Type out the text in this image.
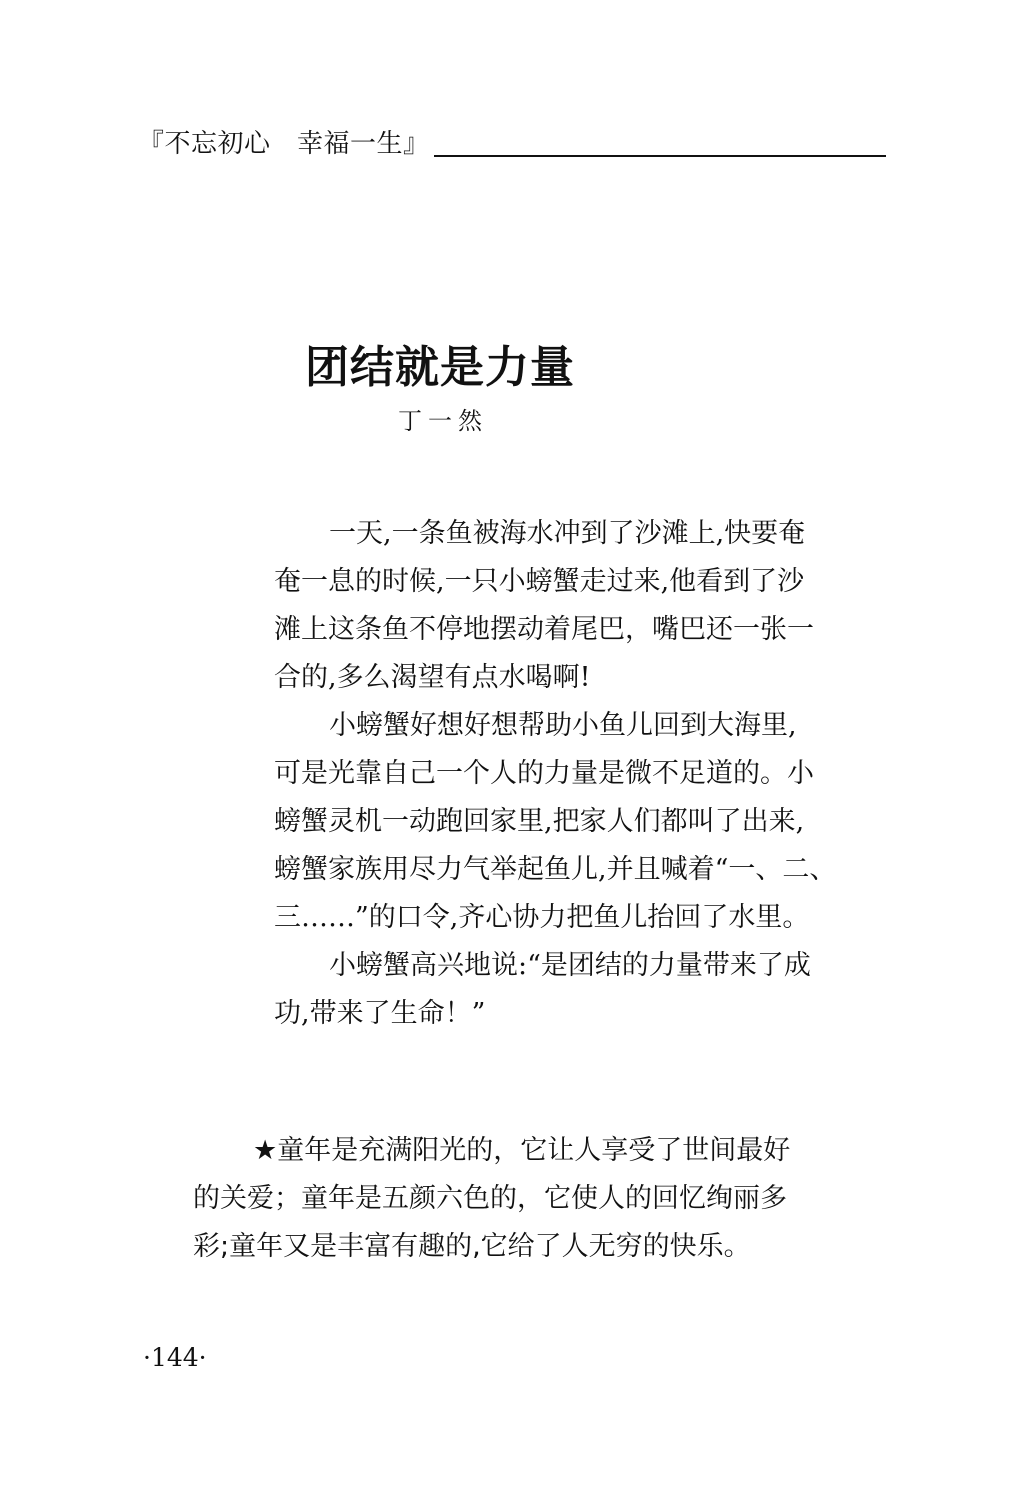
『不忘初心　幸福一生』
团结就是力量
丁一然
一天,一条鱼被海水冲到了沙滩上,快要奄
奄一息的时候,一只小螃蟹走过来,他看到了沙
滩上这条鱼不停地摆动着尾巴，嘴巴还一张一
合的,多么渴望有点水喝啊!
小螃蟹好想好想帮助小鱼儿回到大海里,
可是光靠自己一个人的力量是微不足道的。小
螃蟹灵机一动跑回家里,把家人们都叫了出来,
螃蟹家族用尽力气举起鱼儿,并且喊着“一、二、
三……”的口令,齐心协力把鱼儿抬回了水里。
小螃蟹高兴地说:“是团结的力量带来了成
功,带来了生命！”
★童年是充满阳光的，它让人享受了世间最好
的关爱；童年是五颜六色的，它使人的回忆绚丽多
彩;童年又是丰富有趣的,它给了人无穷的快乐。
·144·
